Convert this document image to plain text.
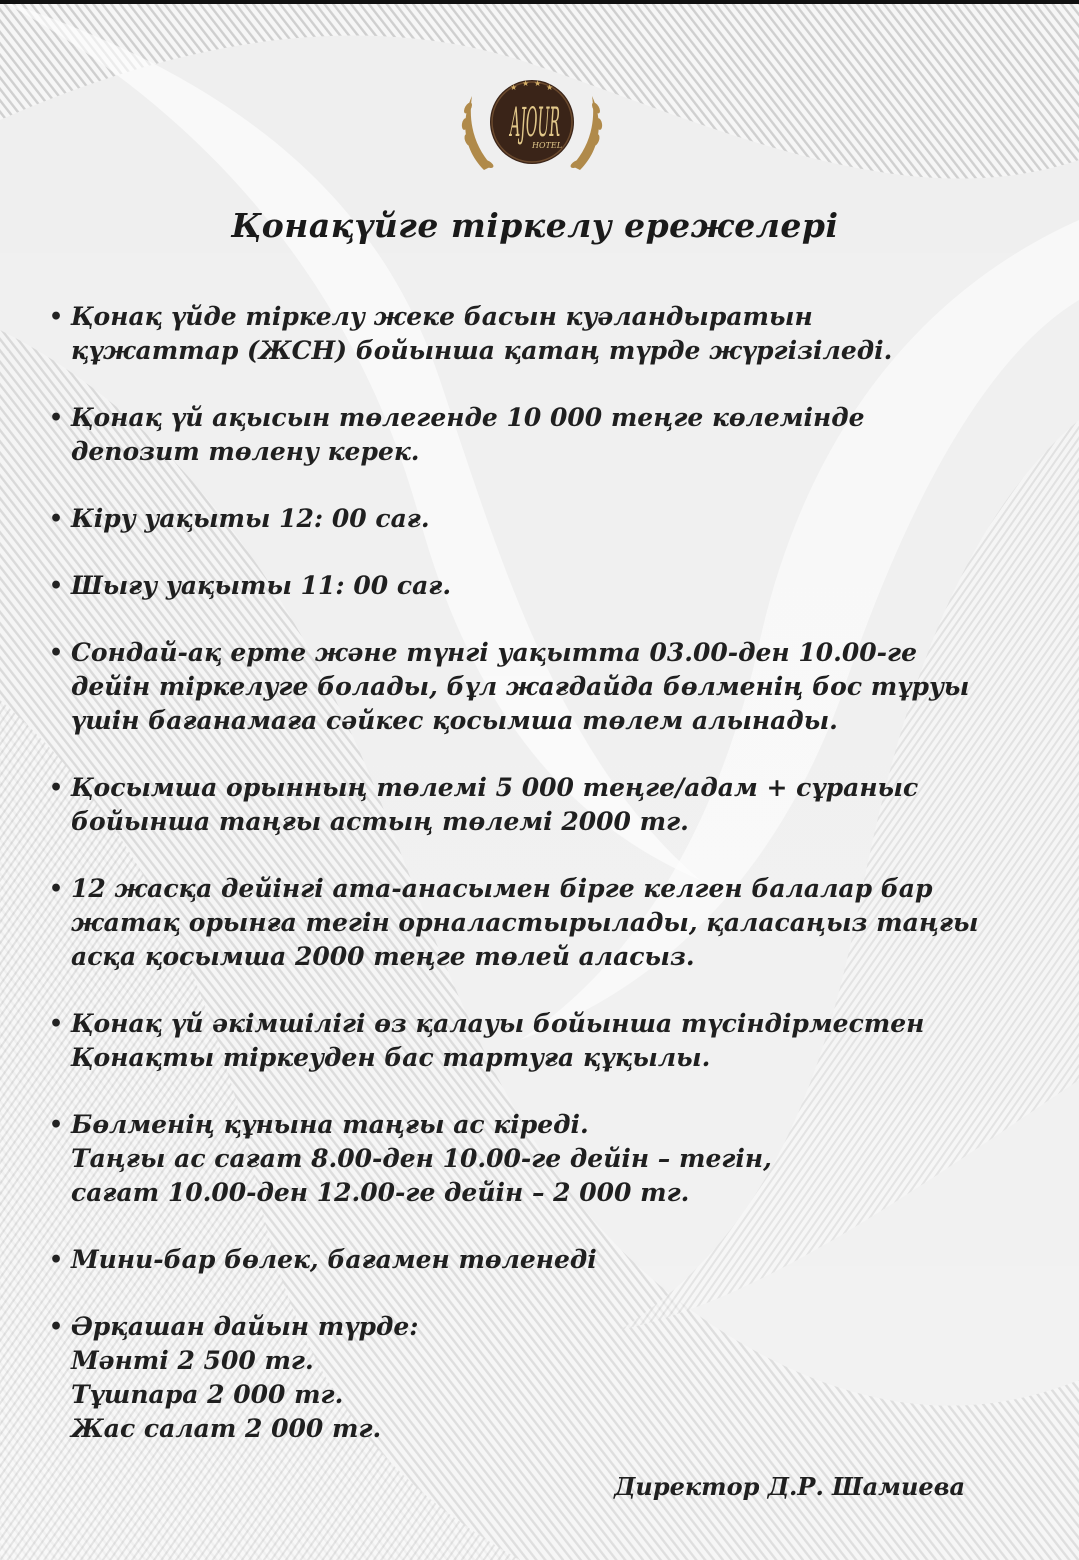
★ ★ ★ ★
AJOUR
HOTEL
Қонақүйге тіркелу ережелері
• Қонақ үйде тіркелу жеке басын куәландыратын
құжаттар (ЖСН) бойынша қатаң түрде жүргізіледі.
• Қонақ үй ақысын төлегенде 10 000 теңге көлемінде
депозит төлену керек.
• Кіру уақыты 12: 00 сағ.
• Шығу уақыты 11: 00 сағ.
• Сондай-ақ ерте және түнгі уақытта 03.00-ден 10.00-ге
дейін тіркелуге болады, бұл жағдайда бөлменің бос тұруы
үшін бағанамаға сәйкес қосымша төлем алынады.
• Қосымша орынның төлемі 5 000 теңге/адам + сұраныс
бойынша таңғы астың төлемі 2000 тг.
• 12 жасқа дейінгі ата-анасымен бірге келген балалар бар
жатақ орынға тегін орналастырылады, қаласаңыз таңғы
асқа қосымша 2000 теңге төлей аласыз.
• Қонақ үй әкімшілігі өз қалауы бойынша түсіндірместен
Қонақты тіркеуден бас тартуға құқылы.
• Бөлменің құнына таңғы ас кіреді.
Таңғы ас сағат 8.00-ден 10.00-ге дейін – тегін,
сағат 10.00-ден 12.00-ге дейін – 2 000 тг.
• Мини-бар бөлек, бағамен төленеді
• Әрқашан дайын түрде:
Мәнті 2 500 тг.
Тұшпара 2 000 тг.
Жас салат 2 000 тг.
Директор Д.Р. Шамиева
